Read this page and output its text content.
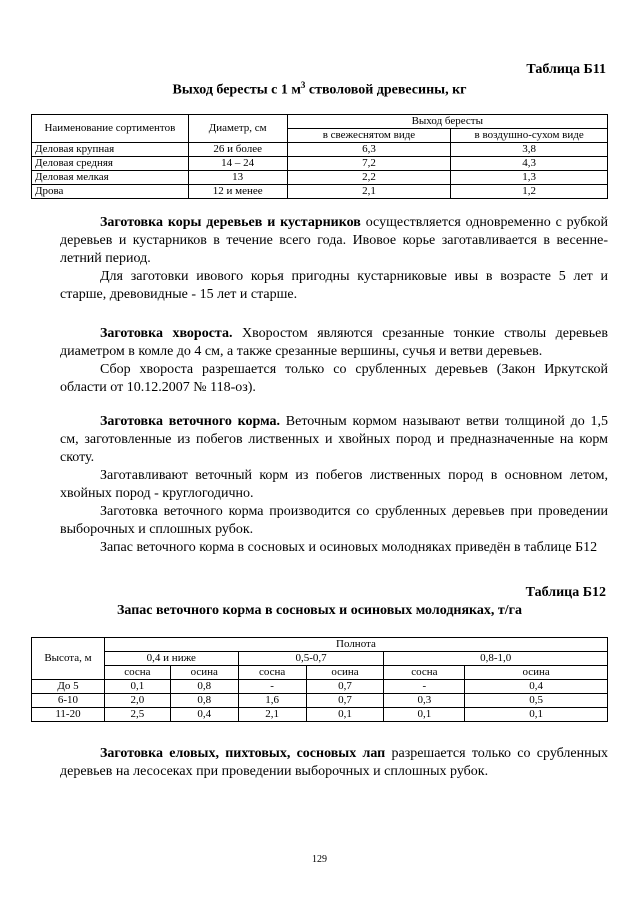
Таблица Б11
Выход бересты с 1 $м^3$ стволовой древесины, кг
Наименование сортиментов	Диаметр, см	Выход бересты	
		в свежеснятом виде	в воздушно-сухом виде
Деловая крупная	26 и более	6,3	3,8
Деловая средняя	14 – 24	7,2	4,3
Деловая мелкая	13	2,2	1,3
Дрова	12 и менее	2,1	1,2

Заготовка коры деревьев и кустарников осуществляется одновременно с рубкой деревьев и кустарников в течение всего года. Ивовое корье заготавливается в весенне-летний период.

Для заготовки ивового корья пригодны кустарниковые ивы в возрасте 5 лет и старше, древовидные - 15 лет и старше.

Заготовка хвороста. Хворостом являются срезанные тонкие стволы деревьев диаметром в комле до 4 см, а также срезанные вершины, сучья и ветви деревьев.

Сбор хвороста разрешается только со срубленных деревьев (Закон Иркутской области от 10.12.2007 № 118-оз).

Заготовка веточного корма. Веточным кормом называют ветви толщиной до 1,5 см, заготовленные из побегов лиственных и хвойных пород и предназначенные на корм скоту.

Заготавливают веточный корм из побегов лиственных пород в основном летом, хвойных пород - круглогодично.

Заготовка веточного корма производится со срубленных деревьев при проведении выборочных и сплошных рубок.

Запас веточного корма в сосновых и осиновых молодняках приведён в таблице Б12

Таблица Б12
Запас веточного корма в сосновых и осиновых молодняках, т/га
Высота, м	Полнота					
	0,4 и ниже		0,5-0,7		0,8-1,0	
	сосна	осина	сосна	осина	сосна	осина
До 5	0,1	0,8	-	0,7	-	0,4
6-10	2,0	0,8	1,6	0,7	0,3	0,5
11-20	2,5	0,4	2,1	0,1	0,1	0,1

Заготовка еловых, пихтовых, сосновых лап разрешается только со срубленных деревьев на лесосеках при проведении выборочных и сплошных рубок.

129
